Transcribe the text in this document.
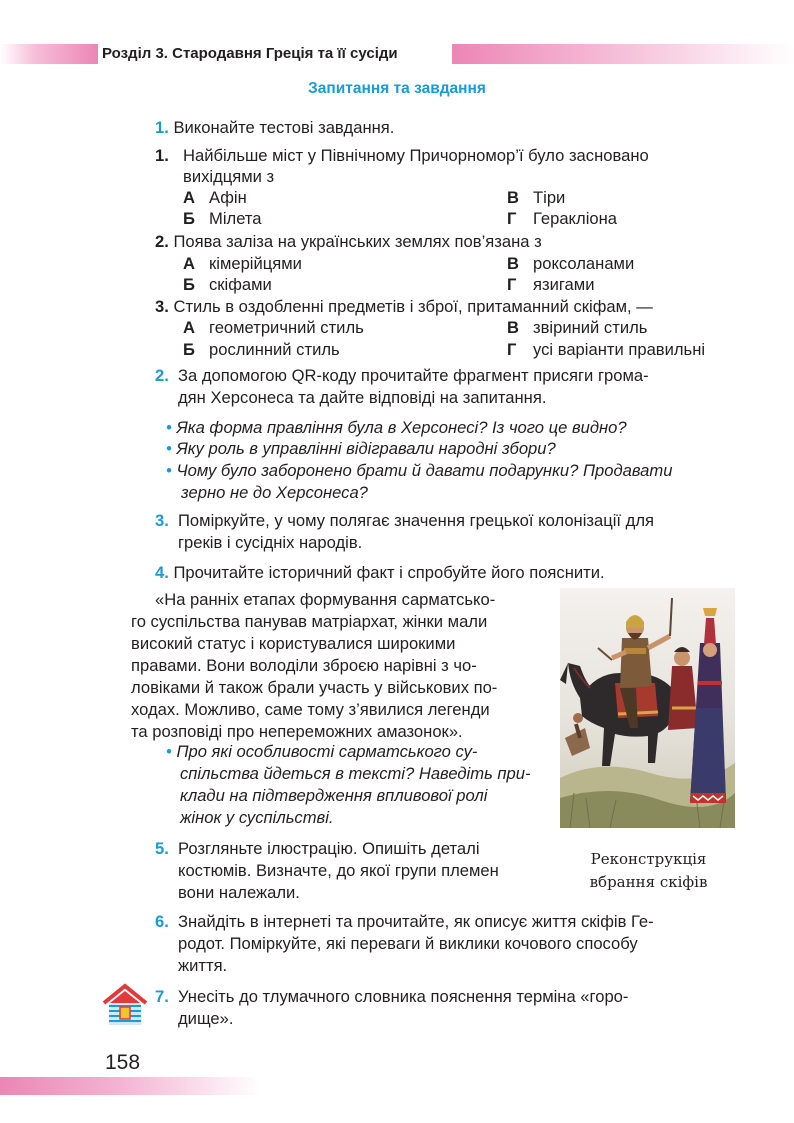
Розділ 3. Стародавня Греція та її сусіди
Запитання та завдання
1. Виконайте тестові завдання.
1. Найбільше міст у Північному Причорномор’ї було засновано
вихідцями з
А Афін	В Тіри
Б Мілета	Г Геракліона
2. Поява заліза на українських землях пов’язана з
А кімерійцями	В роксоланами
Б скіфами	Г язигами
3. Стиль в оздобленні предметів і зброї, притаманний скіфам, —
А геометричний стиль	В звіриний стиль
Б рослинний стиль	Г усі варіанти правильні
2. За допомогою QR-коду прочитайте фрагмент присяги грома-
дян Херсонеса та дайте відповіді на запитання.
• Яка форма правління була в Херсонесі? Із чого це видно?
• Яку роль в управлінні відігравали народні збори?
• Чому було заборонено брати й давати подарунки? Продавати
зерно не до Херсонеса?
3. Поміркуйте, у чому полягає значення грецької колонізації для
греків і сусідніх народів.
4. Прочитайте історичний факт і спробуйте його пояснити.
«На ранніх етапах формування сарматсько-
го суспільства панував матріархат, жінки мали
високий статус і користувалися широкими
правами. Вони володіли зброєю нарівні з чо-
ловіками й також брали участь у військових по-
ходах. Можливо, саме тому з’явилися легенди
та розповіді про непереможних амазонок».
• Про які особливості сарматського су-
спільства йдеться в тексті? Наведіть при-
клади на підтвердження впливової ролі
жінок у суспільстві.
5. Розгляньте ілюстрацію. Опишіть деталі
костюмів. Визначте, до якої групи племен
вони належали.
Реконструкція
вбрання скіфів
6. Знайдіть в інтернеті та прочитайте, як описує життя скіфів Ге-
родот. Поміркуйте, які переваги й виклики кочового способу
життя.
7. Унесіть до тлумачного словника пояснення терміна «горо-
дище».
158
